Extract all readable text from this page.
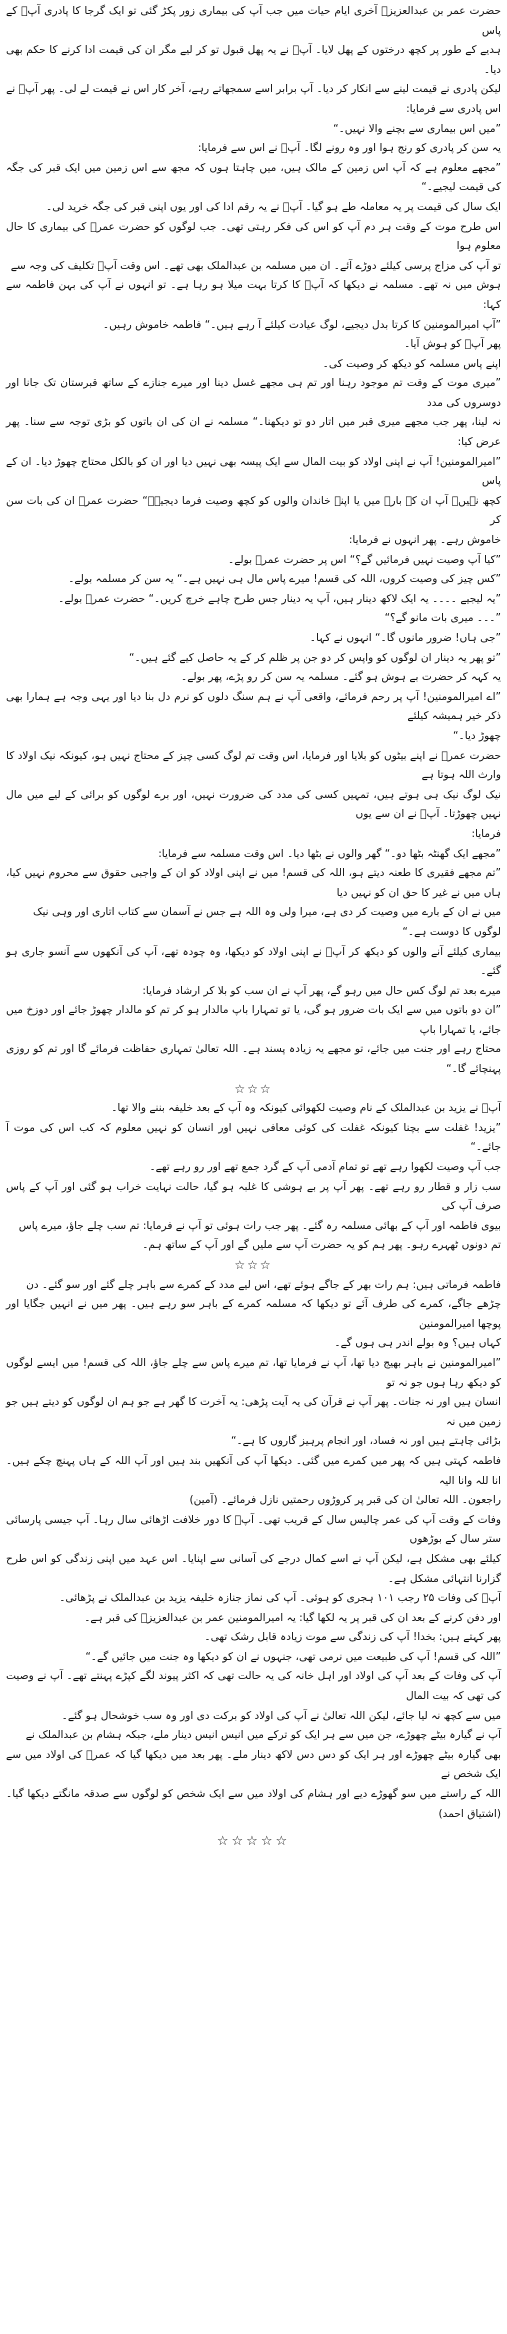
حضرت عمر بن عبدالعزیزؒ آخری ایام حیات میں جب آپ کی بیماری زور پکڑ گئی تو ایک گرجا کا پادری آپؒ کے پاس
ہدیے کے طور پر کچھ درختوں کے پھل لایا۔ آپؒ نے یہ پھل قبول تو کر لیے مگر ان کی قیمت ادا کرنے کا حکم بھی دیا۔
لیکن پادری نے قیمت لینے سے انکار کر دیا۔ آپ برابر اسے سمجھاتے رہے، آخر کار اس نے قیمت لے لی۔ پھر آپؒ نے
اس پادری سے فرمایا:
”میں اس بیماری سے بچنے والا نہیں۔“
یہ سن کر پادری کو رنج ہوا اور وہ رونے لگا۔ آپؒ نے اس سے فرمایا:
”مجھے معلوم ہے کہ آپ اس زمین کے مالک ہیں، میں چاہتا ہوں کہ مجھ سے اس زمین میں ایک قبر کی جگہ کی قیمت لیجیے۔“
ایک سال کی قیمت پر یہ معاملہ طے ہو گیا۔ آپؒ نے یہ رقم ادا کی اور یوں اپنی قبر کی جگہ خرید لی۔
اس طرح موت کے وقت ہر دم آپ کو اس کی فکر رہتی تھی۔ جب لوگوں کو حضرت عمرؒ کی بیماری کا حال معلوم ہوا
تو آپ کی مزاج پرسی کیلئے دوڑے آئے۔ ان میں مسلمہ بن عبدالملک بھی تھے۔ اس وقت آپؒ تکلیف کی وجہ سے
ہوش میں نہ تھے۔ مسلمہ نے دیکھا کہ آپؒ کا کرتا بہت میلا ہو رہا ہے۔ تو انہوں نے آپ کی بہن فاطمہ سے کہا:
”آپ امیرالمومنین کا کرتا بدل دیجیے، لوگ عیادت کیلئے آ رہے ہیں۔“ فاطمہ خاموش رہیں۔
پھر آپؒ کو ہوش آیا۔
اپنے پاس مسلمہ کو دیکھ کر وصیت کی۔
”میری موت کے وقت تم موجود رہنا اور تم ہی مجھے غسل دینا اور میرے جنازے کے ساتھ قبرستان تک جانا اور دوسروں کی مدد
نہ لینا، پھر جب مجھے میری قبر میں اتار دو تو دیکھنا۔“ مسلمہ نے ان کی ان باتوں کو بڑی توجہ سے سنا۔ پھر عرض کیا:
”امیرالمومنین! آپ نے اپنی اولاد کو بیت المال سے ایک پیسہ بھی نہیں دیا اور ان کو بالکل محتاج چھوڑ دیا۔ ان کے پاس
کچھ نہیں۔ آپ ان کے بارے میں یا اپنے خاندان والوں کو کچھ وصیت فرما دیجیے۔“ حضرت عمرؒ ان کی بات سن کر
خاموش رہے۔ پھر انہوں نے فرمایا:
”کیا آپ وصیت نہیں فرمائیں گے؟“ اس پر حضرت عمرؒ بولے۔
”کس چیز کی وصیت کروں، اللہ کی قسم! میرے پاس مال ہی نہیں ہے۔“ یہ سن کر مسلمہ بولے۔
”یہ لیجیے ۔۔۔۔ یہ ایک لاکھ دینار ہیں، آپ یہ دینار جس طرح چاہے خرچ کریں۔“ حضرت عمرؒ بولے۔
”۔۔۔ میری بات مانو گے؟“
”جی ہاں! ضرور مانوں گا۔“ انہوں نے کہا۔
”تو پھر یہ دینار ان لوگوں کو واپس کر دو جن پر ظلم کر کے یہ حاصل کیے گئے ہیں۔“
یہ کہہ کر حضرت بے ہوش ہو گئے۔ مسلمہ یہ سن کر رو پڑے، پھر بولے۔
”اے امیرالمومنین! آپ پر رحم فرمائے، واقعی آپ نے ہم سنگ دلوں کو نرم دل بنا دیا اور یہی وجہ ہے ہمارا بھی ذکر خیر ہمیشہ کیلئے
چھوڑ دیا۔“

حضرت عمرؒ نے اپنے بیٹوں کو بلایا اور فرمایا، اس وقت تم لوگ کسی چیز کے محتاج نہیں ہو، کیونکہ نیک اولاد کا وارث اللہ ہوتا ہے
نیک لوگ نیک ہی ہوتے ہیں، تمہیں کسی کی مدد کی ضرورت نہیں، اور برے لوگوں کو برائی کے لیے میں مال نہیں چھوڑتا۔ آپؒ نے ان سے یوں
فرمایا:
”مجھے ایک گھنٹہ بٹھا دو۔“ گھر والوں نے بٹھا دیا۔ اس وقت مسلمہ سے فرمایا:
”تم مجھے فقیری کا طعنہ دیتے ہو، اللہ کی قسم! میں نے اپنی اولاد کو ان کے واجبی حقوق سے محروم نہیں کیا، ہاں میں نے غیر کا حق ان کو نہیں دیا
میں نے ان کے بارے میں وصیت کر دی ہے، میرا ولی وہ اللہ ہے جس نے آسمان سے کتاب اتاری اور وہی نیک
لوگوں کا دوست ہے۔“
بیماری کیلئے آنے والوں کو دیکھ کر آپؒ نے اپنی اولاد کو دیکھا، وہ چودہ تھے، آپ کی آنکھوں سے آنسو جاری ہو گئے۔
میرے بعد تم لوگ کس حال میں رہو گے، پھر آپ نے ان سب کو بلا کر ارشاد فرمایا:
”ان دو باتوں میں سے ایک بات ضرور ہو گی، یا تو تمہارا باپ مالدار ہو کر تم کو مالدار چھوڑ جائے اور دوزخ میں جائے، یا تمہارا باپ
محتاج رہے اور جنت میں جائے، تو مجھے یہ زیادہ پسند ہے۔ اللہ تعالیٰ تمہاری حفاظت فرمائے گا اور تم کو روزی پہنچائے گا۔“

☆☆☆

آپؒ نے یزید بن عبدالملک کے نام وصیت لکھوائی کیونکہ وہ آپ کے بعد خلیفہ بننے والا تھا۔
”یزید! غفلت سے بچنا کیونکہ غفلت کی کوئی معافی نہیں اور انسان کو نہیں معلوم کہ کب اس کی موت آ جائے۔“
جب آپ وصیت لکھوا رہے تھے تو تمام آدمی آپ کے گرد جمع تھے اور رو رہے تھے۔
سب زار و قطار رو رہے تھے۔ پھر آپ پر بے ہوشی کا غلبہ ہو گیا، حالت نہایت خراب ہو گئی اور آپ کے پاس صرف آپ کی
بیوی فاطمہ اور آپ کے بھائی مسلمہ رہ گئے۔ پھر جب رات ہوئی تو آپ نے فرمایا: تم سب چلے جاؤ، میرے پاس
تم دونوں ٹھہرے رہو۔ پھر ہم کو یہ حضرت آپ سے ملیں گے اور آپ کے ساتھ ہم۔

☆☆☆

فاطمہ فرماتی ہیں: ہم رات بھر کے جاگے ہوئے تھے، اس لیے مدد کے کمرے سے باہر چلے گئے اور سو گئے۔ دن
چڑھے جاگے، کمرے کی طرف آئے تو دیکھا کہ مسلمہ کمرے کے باہر سو رہے ہیں۔ پھر میں نے انہیں جگایا اور پوچھا امیرالمومنین
کہاں ہیں؟ وہ بولے اندر ہی ہوں گے۔
”امیرالمومنین نے باہر بھیج دیا تھا، آپ نے فرمایا تھا، تم میرے پاس سے چلے جاؤ، اللہ کی قسم! میں ایسے لوگوں کو دیکھ رہا ہوں جو نہ تو
انسان ہیں اور نہ جنات۔ پھر آپ نے قرآن کی یہ آیت پڑھی: یہ آخرت کا گھر ہے جو ہم ان لوگوں کو دیتے ہیں جو زمین میں نہ
بڑائی چاہتے ہیں اور نہ فساد، اور انجام پرہیز گاروں کا ہے۔“
فاطمہ کہتی ہیں کہ پھر میں کمرے میں گئی۔ دیکھا آپ کی آنکھیں بند ہیں اور آپ اللہ کے ہاں پہنچ چکے ہیں۔ انا للہ وانا الیہ
راجعون۔ اللہ تعالیٰ ان کی قبر پر کروڑوں رحمتیں نازل فرمائے۔ (آمین)
وفات کے وقت آپ کی عمر چالیس سال کے قریب تھی۔ آپؒ کا دور خلافت اڑھائی سال رہا۔ آپ جیسی پارسائی ستر سال کے بوڑھوں
کیلئے بھی مشکل ہے، لیکن آپ نے اسے کمال درجے کی آسانی سے اپنایا۔ اس عہد میں اپنی زندگی کو اس طرح گزارنا انتہائی مشکل ہے۔
آپؒ کی وفات ۲۵ رجب ۱۰۱ ہجری کو ہوئی۔ آپ کی نماز جنازہ خلیفہ یزید بن عبدالملک نے پڑھائی۔
اور دفن کرنے کے بعد ان کی قبر پر یہ لکھا گیا: یہ امیرالمومنین عمر بن عبدالعزیزؒ کی قبر ہے۔
پھر کہتے ہیں: بخدا! آپ کی زندگی سے موت زیادہ قابل رشک تھی۔
”اللہ کی قسم! آپ کی طبیعت میں نرمی تھی، جنہوں نے ان کو دیکھا وہ جنت میں جائیں گے۔“
آپ کی وفات کے بعد آپ کی اولاد اور اہل خانہ کی یہ حالت تھی کہ اکثر پیوند لگے کپڑے پہنتے تھے۔ آپ نے وصیت کی تھی کہ بیت المال
میں سے کچھ نہ لیا جائے، لیکن اللہ تعالیٰ نے آپ کی اولاد کو برکت دی اور وہ سب خوشحال ہو گئے۔
آپ نے گیارہ بیٹے چھوڑے، جن میں سے ہر ایک کو ترکے میں انیس انیس دینار ملے، جبکہ ہشام بن عبدالملک نے
بھی گیارہ بیٹے چھوڑے اور ہر ایک کو دس دس لاکھ دینار ملے۔ پھر بعد میں دیکھا گیا کہ عمرؒ کی اولاد میں سے ایک شخص نے
اللہ کے راستے میں سو گھوڑے دیے اور ہشام کی اولاد میں سے ایک شخص کو لوگوں سے صدقہ مانگتے دیکھا گیا۔ (اشتیاق احمد)

☆☆☆☆☆
